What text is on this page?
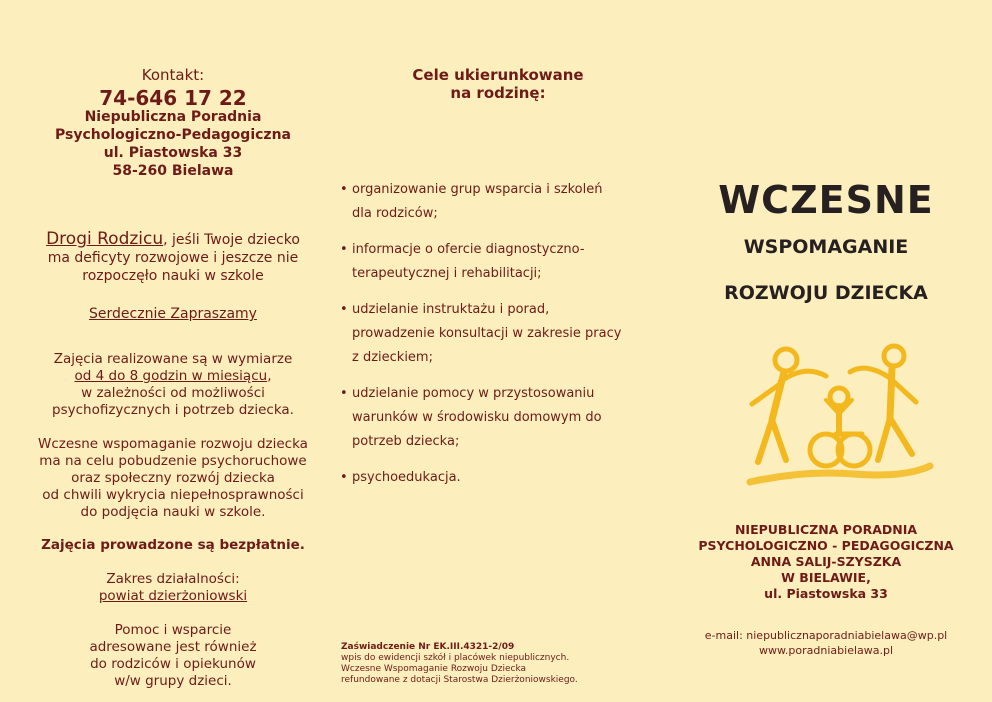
Kontakt:
74-646 17 22
Niepubliczna Poradnia
Psychologiczno-Pedagogiczna
ul. Piastowska 33
58-260 Bielawa
Drogi Rodzicu, jeśli Twoje dziecko
ma deficyty rozwojowe i jeszcze nie
rozpoczęło nauki w szkole
Serdecznie Zapraszamy
Zajęcia realizowane są w wymiarze
od 4 do 8 godzin w miesiącu,
w zależności od możliwości
psychofizycznych i potrzeb dziecka.
Wczesne wspomaganie rozwoju dziecka
ma na celu pobudzenie psychoruchowe
oraz społeczny rozwój dziecka
od chwili wykrycia niepełnosprawności
do podjęcia nauki w szkole.
Zajęcia prowadzone są bezpłatnie.
Zakres działalności:
powiat dzierżoniowski
Pomoc i wsparcie
adresowane jest również
do rodziców i opiekunów
w/w grupy dzieci.
Cele ukierunkowane
na rodzinę:
• organizowanie grup wsparcia i szkoleń
dla rodziców;
• informacje o ofercie diagnostyczno-
terapeutycznej i rehabilitacji;
• udzielanie instruktażu i porad,
prowadzenie konsultacji w zakresie pracy
z dzieckiem;
• udzielanie pomocy w przystosowaniu
warunków w środowisku domowym do
potrzeb dziecka;
• psychoedukacja.
Zaświadczenie Nr EK.III.4321-2/09
wpis do ewidencji szkół i placówek niepublicznych.
Wczesne Wspomaganie Rozwoju Dziecka
refundowane z dotacji Starostwa Dzierżoniowskiego.
WCZESNE
WSPOMAGANIE
ROZWOJU DZIECKA
NIEPUBLICZNA PORADNIA
PSYCHOLOGICZNO - PEDAGOGICZNA
ANNA SALIJ-SZYSZKA
W BIELAWIE,
ul. Piastowska 33
e-mail: niepublicznaporadniabielawa@wp.pl
www.poradniabielawa.pl
